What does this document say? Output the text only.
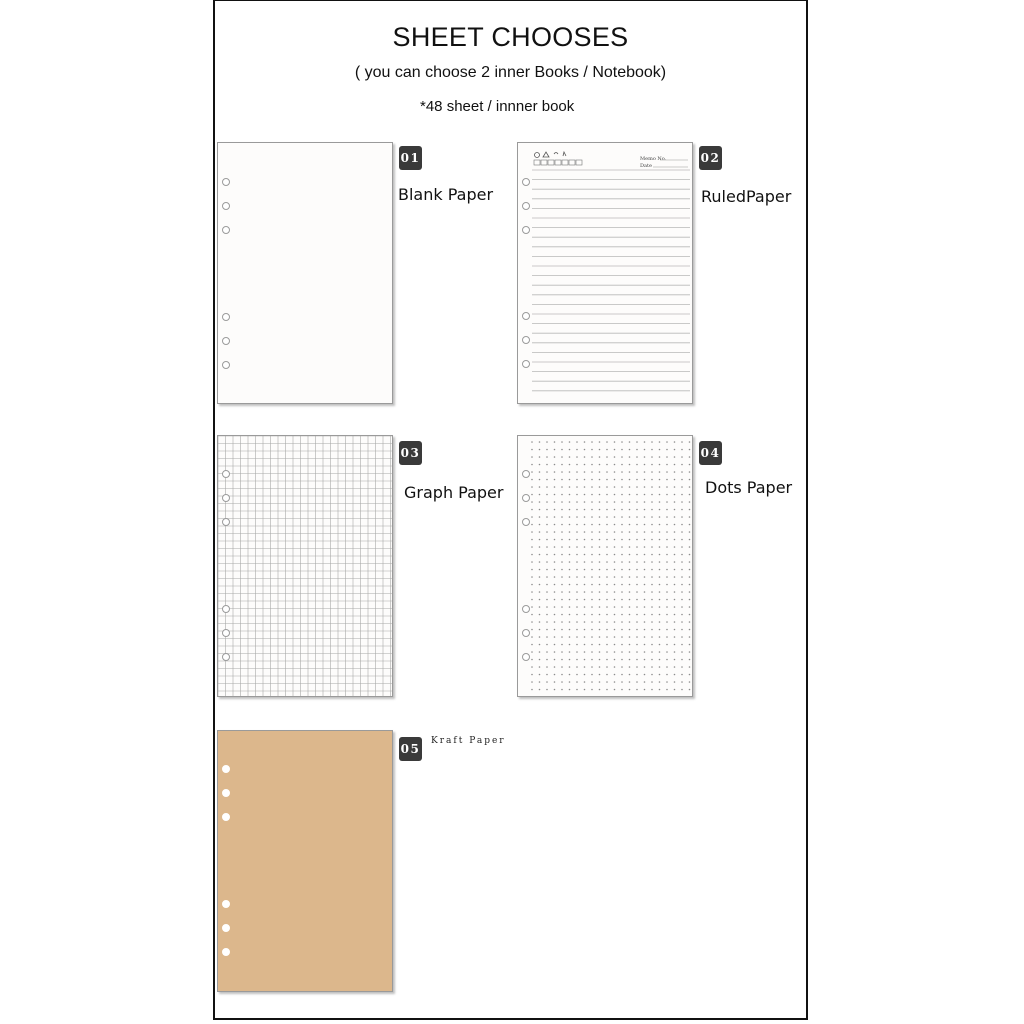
SHEET CHOOSES
( you can choose 2 inner Books / Notebook)
*48 sheet / innner book
01
Blank Paper
Memo No.
Date
02
RuledPaper
03
Graph Paper
04
Dots Paper
05
Kraft Paper
